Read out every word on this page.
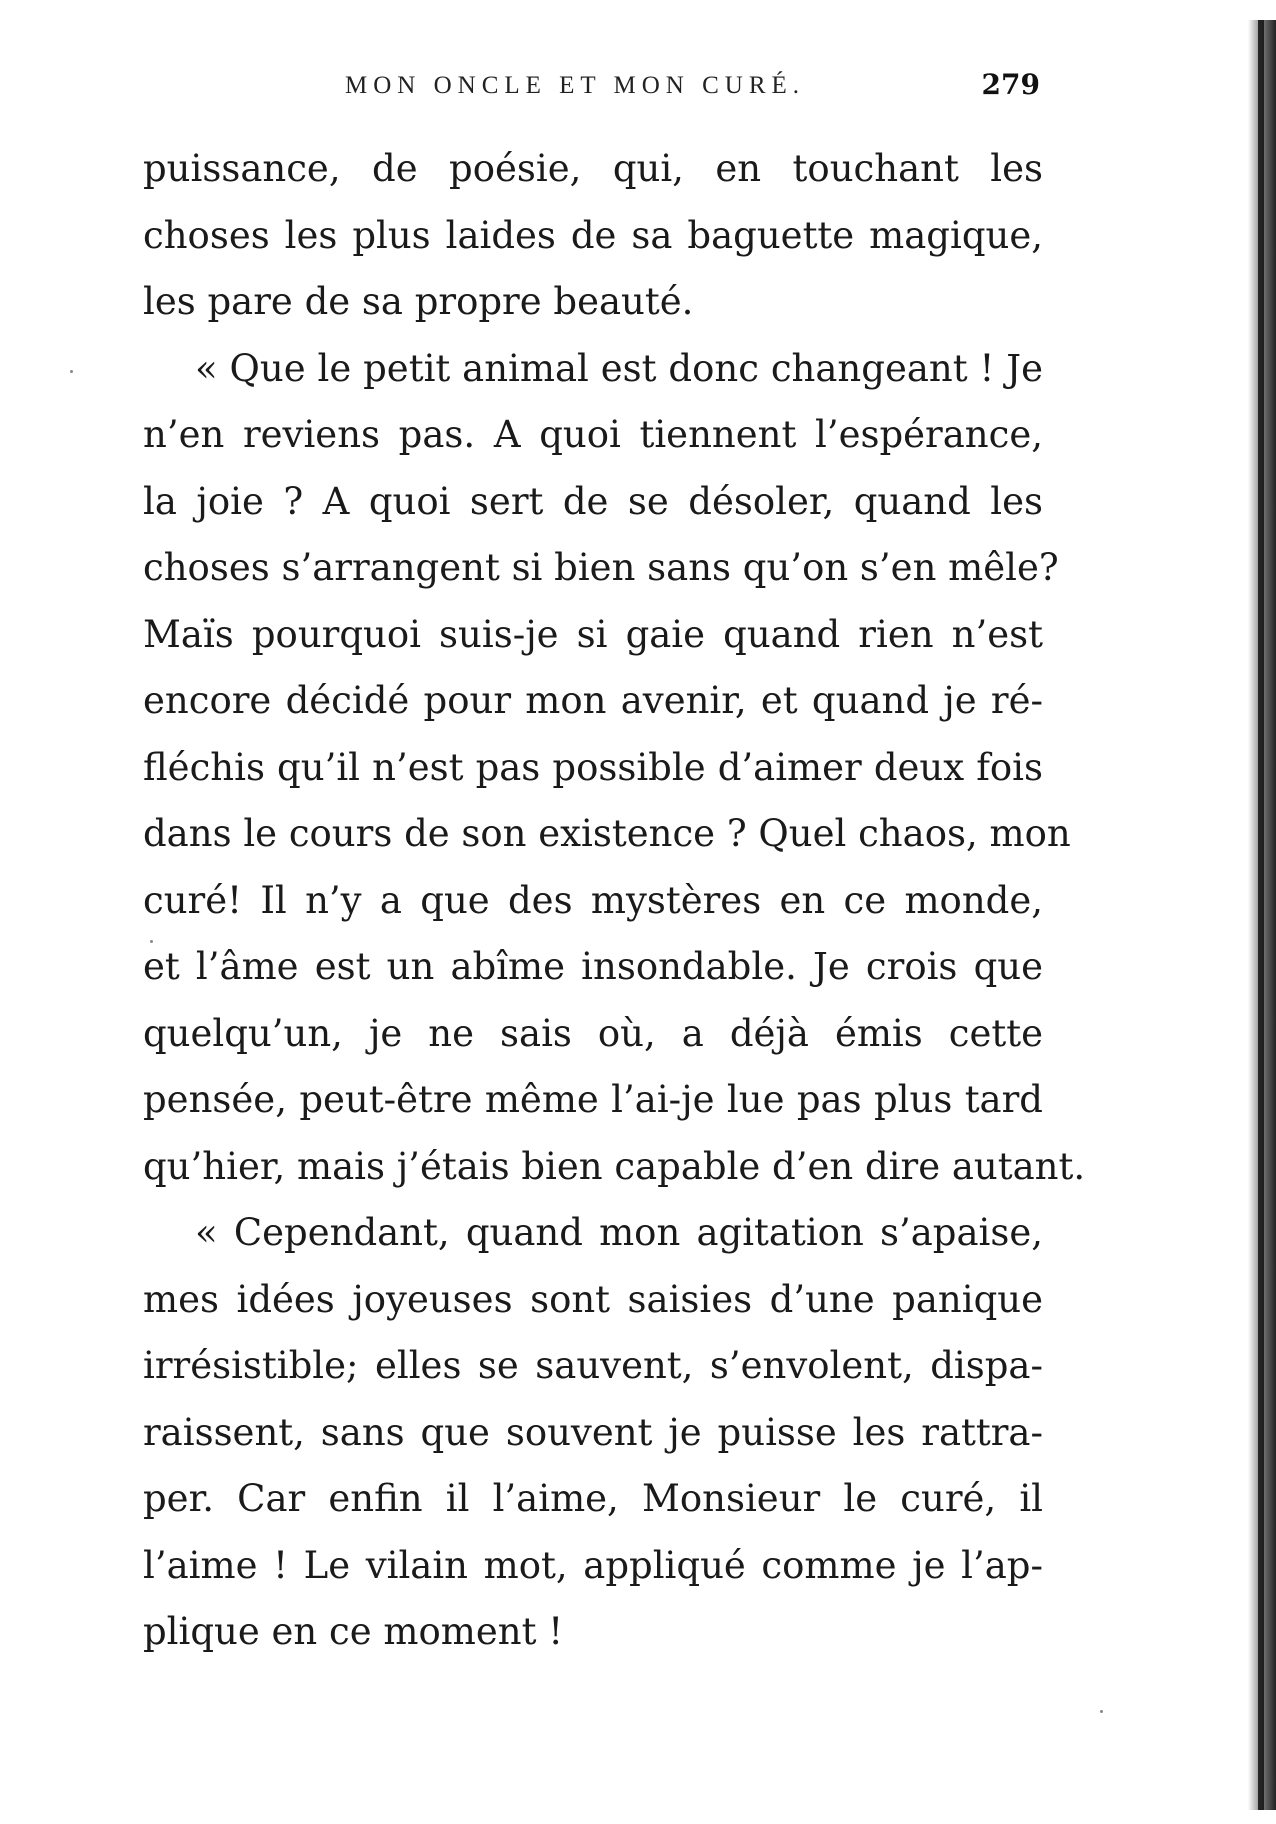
MON ONCLE ET MON CURÉ.	279
puissance, de poésie, qui, en touchant les
choses les plus laides de sa baguette magique,
les pare de sa propre beauté.
« Que le petit animal est donc changeant ! Je
n’en reviens pas. A quoi tiennent l’espérance,
la joie ? A quoi sert de se désoler, quand les
choses s’arrangent si bien sans qu’on s’en mêle?
Maïs pourquoi suis-je si gaie quand rien n’est
encore décidé pour mon avenir, et quand je ré-
fléchis qu’il n’est pas possible d’aimer deux fois
dans le cours de son existence ? Quel chaos, mon
curé! Il n’y a que des mystères en ce monde,
et l’âme est un abîme insondable. Je crois que
quelqu’un, je ne sais où, a déjà émis cette
pensée, peut-être même l’ai-je lue pas plus tard
qu’hier, mais j’étais bien capable d’en dire autant.
« Cependant, quand mon agitation s’apaise,
mes idées joyeuses sont saisies d’une panique
irrésistible; elles se sauvent, s’envolent, dispa-
raissent, sans que souvent je puisse les rattra-
per. Car enfin il l’aime, Monsieur le curé, il
l’aime ! Le vilain mot, appliqué comme je l’ap-
plique en ce moment !
